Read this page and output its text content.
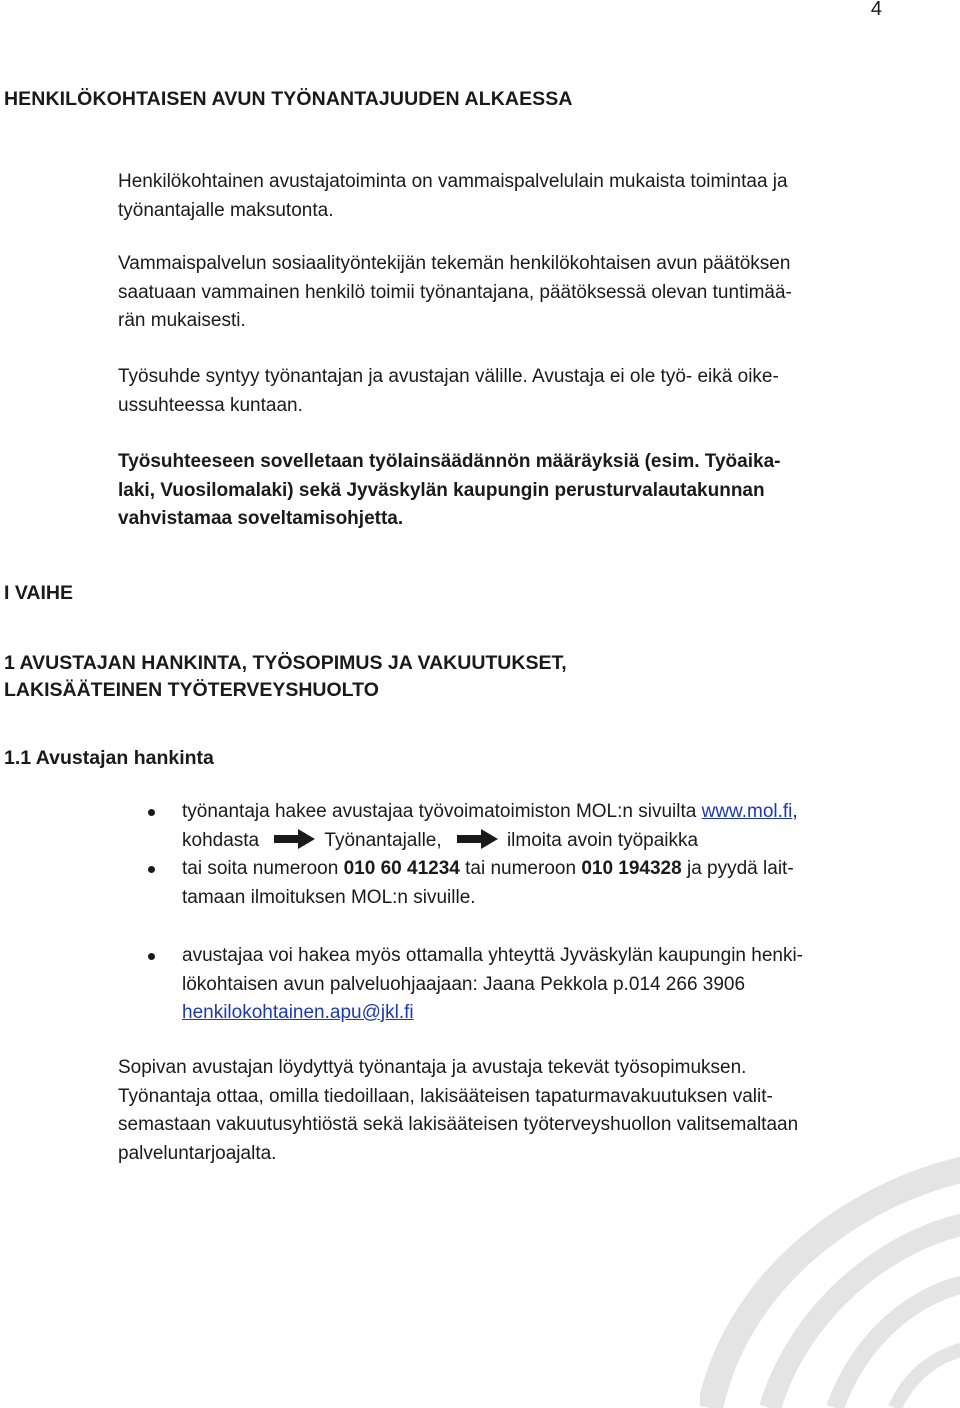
4
HENKILÖKOHTAISEN AVUN TYÖNANTAJUUDEN ALKAESSA
Henkilökohtainen avustajatoiminta on vammaispalvelulain mukaista toimintaa ja
työnantajalle maksutonta.
Vammaispalvelun sosiaalityöntekijän tekemän henkilökohtaisen avun päätöksen
saatuaan vammainen henkilö toimii työnantajana, päätöksessä olevan tuntimää-
rän mukaisesti.
Työsuhde syntyy työnantajan ja avustajan välille. Avustaja ei ole työ- eikä oike-
ussuhteessa kuntaan.
Työsuhteeseen sovelletaan työlainsäädännön määräyksiä (esim. Työaika-
laki, Vuosilomalaki) sekä Jyväskylän kaupungin perusturvalautakunnan
vahvistamaa soveltamisohjetta.
I VAIHE
1 AVUSTAJAN HANKINTA, TYÖSOPIMUS JA VAKUUTUKSET,
LAKISÄÄTEINEN TYÖTERVEYSHUOLTO
1.1 Avustajan hankinta
työnantaja hakee avustajaa työvoimatoimiston MOL:n sivuilta www.mol.fi,
kohdasta	Työnantajalle,	ilmoita avoin työpaikka
tai soita numeroon 010 60 41234 tai numeroon 010 194328 ja pyydä lait-
tamaan ilmoituksen MOL:n sivuille.
avustajaa voi hakea myös ottamalla yhteyttä Jyväskylän kaupungin henki-
lökohtaisen avun palveluohjaajaan: Jaana Pekkola p.014 266 3906
henkilokohtainen.apu@jkl.fi
Sopivan avustajan löydyttyä työnantaja ja avustaja tekevät työsopimuksen.
Työnantaja ottaa, omilla tiedoillaan, lakisääteisen tapaturmavakuutuksen valit-
semastaan vakuutusyhtiöstä sekä lakisääteisen työterveyshuollon valitsemaltaan
palveluntarjoajalta.
